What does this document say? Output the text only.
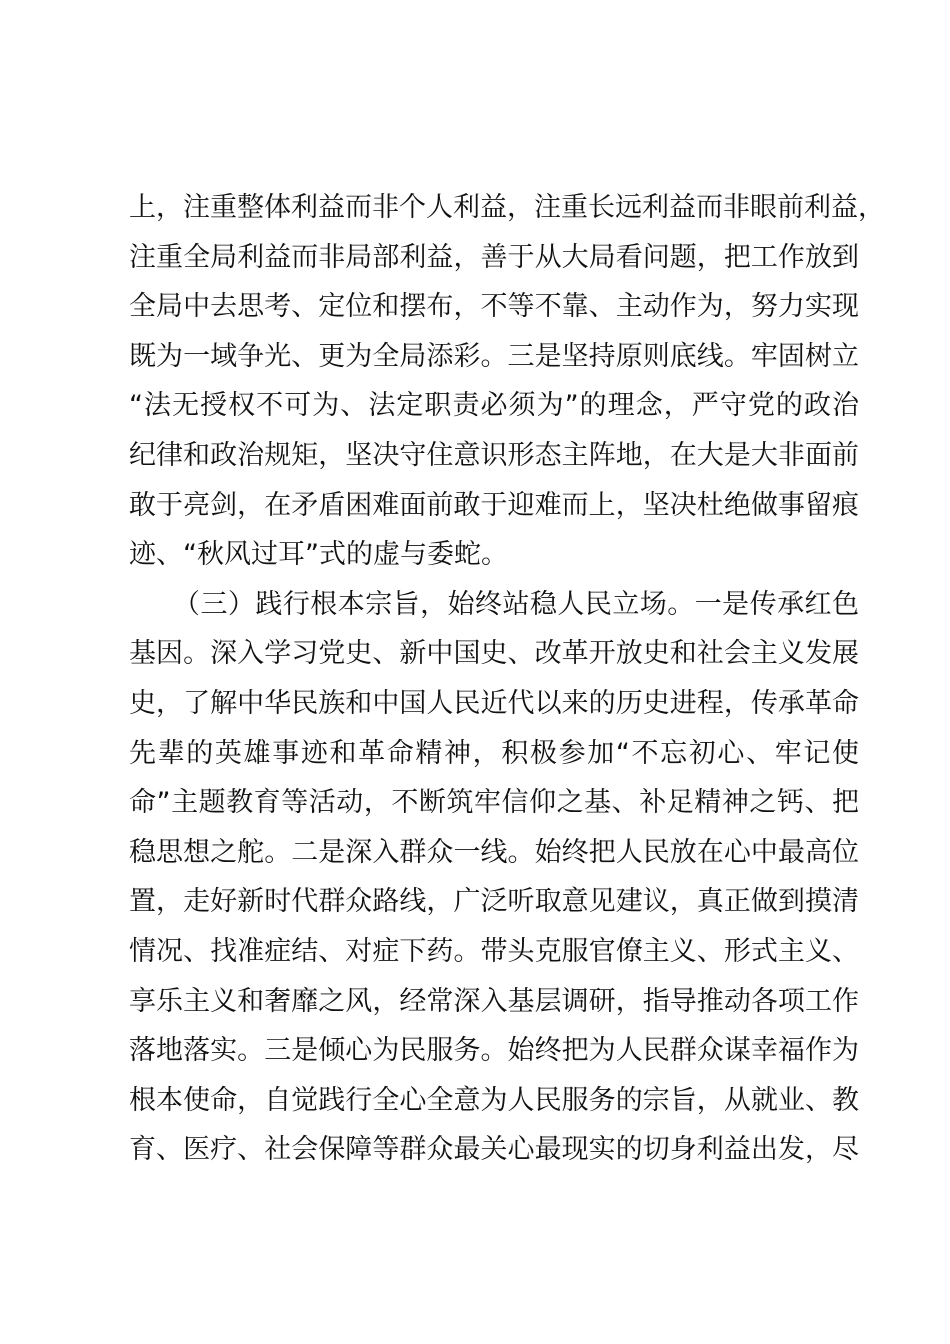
上，注重整体利益而非个人利益，注重长远利益而非眼前利益，
注重全局利益而非局部利益，善于从大局看问题，把工作放到
全局中去思考、定位和摆布，不等不靠、主动作为，努力实现
既为一域争光、更为全局添彩。三是坚持原则底线。牢固树立
“法无授权不可为、法定职责必须为”的理念，严守党的政治
纪律和政治规矩，坚决守住意识形态主阵地，在大是大非面前
敢于亮剑，在矛盾困难面前敢于迎难而上，坚决杜绝做事留痕
迹、“秋风过耳”式的虚与委蛇。
（三）践行根本宗旨，始终站稳人民立场。一是传承红色
基因。深入学习党史、新中国史、改革开放史和社会主义发展
史，了解中华民族和中国人民近代以来的历史进程，传承革命
先辈的英雄事迹和革命精神，积极参加“不忘初心、牢记使
命”主题教育等活动，不断筑牢信仰之基、补足精神之钙、把
稳思想之舵。二是深入群众一线。始终把人民放在心中最高位
置，走好新时代群众路线，广泛听取意见建议，真正做到摸清
情况、找准症结、对症下药。带头克服官僚主义、形式主义、
享乐主义和奢靡之风，经常深入基层调研，指导推动各项工作
落地落实。三是倾心为民服务。始终把为人民群众谋幸福作为
根本使命，自觉践行全心全意为人民服务的宗旨，从就业、教
育、医疗、社会保障等群众最关心最现实的切身利益出发，尽
